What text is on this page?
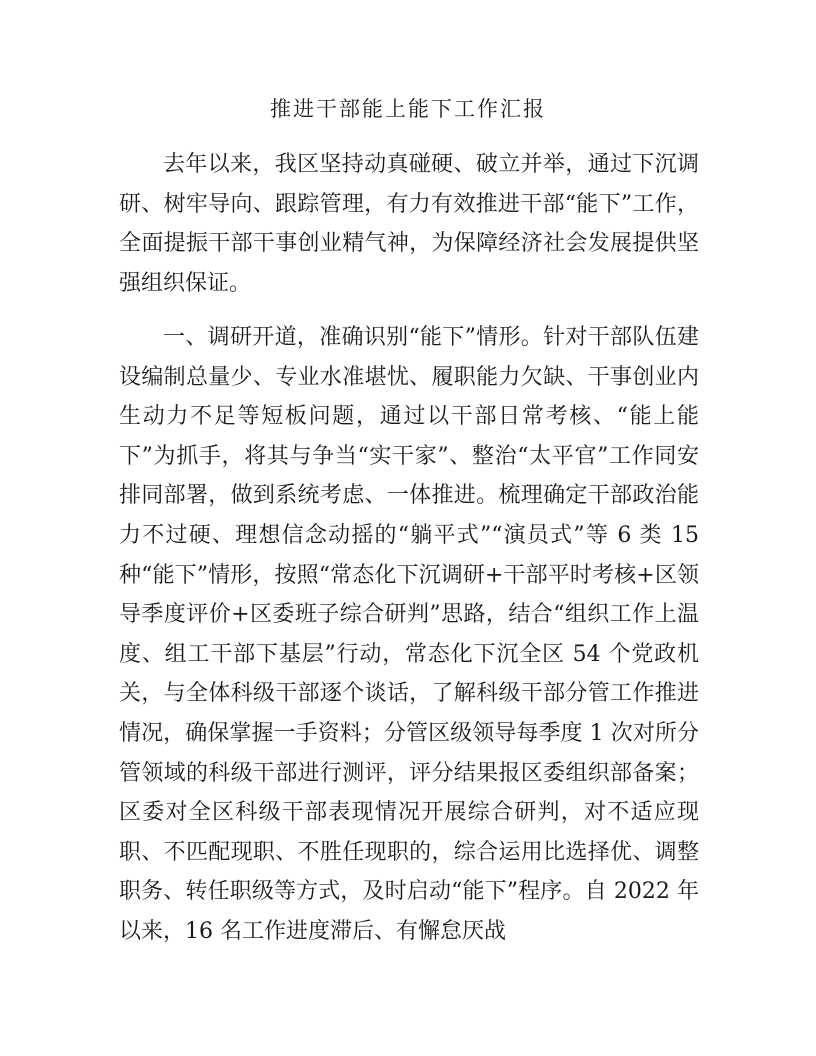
推进干部能上能下工作汇报

去年以来，我区坚持动真碰硬、破立并举，通过下沉调研、树牢导向、跟踪管理，有力有效推进干部“能下”工作，全面提振干部干事创业精气神，为保障经济社会发展提供坚强组织保证。

一、调研开道，准确识别“能下”情形。针对干部队伍建设编制总量少、专业水准堪忧、履职能力欠缺、干事创业内生动力不足等短板问题，通过以干部日常考核、“能上能下”为抓手，将其与争当“实干家”、整治“太平官”工作同安排同部署，做到系统考虑、一体推进。梳理确定干部政治能力不过硬、理想信念动摇的“躺平式”“演员式”等 6 类 15 种“能下”情形，按照“常态化下沉调研+干部平时考核+区领导季度评价+区委班子综合研判”思路，结合“组织工作上温度、组工干部下基层”行动，常态化下沉全区 54 个党政机关，与全体科级干部逐个谈话，了解科级干部分管工作推进情况，确保掌握一手资料；分管区级领导每季度 1 次对所分管领域的科级干部进行测评，评分结果报区委组织部备案；区委对全区科级干部表现情况开展综合研判，对不适应现职、不匹配现职、不胜任现职的，综合运用比选择优、调整职务、转任职级等方式，及时启动“能下”程序。自 2022 年以来，16 名工作进度滞后、有懈怠厌战
